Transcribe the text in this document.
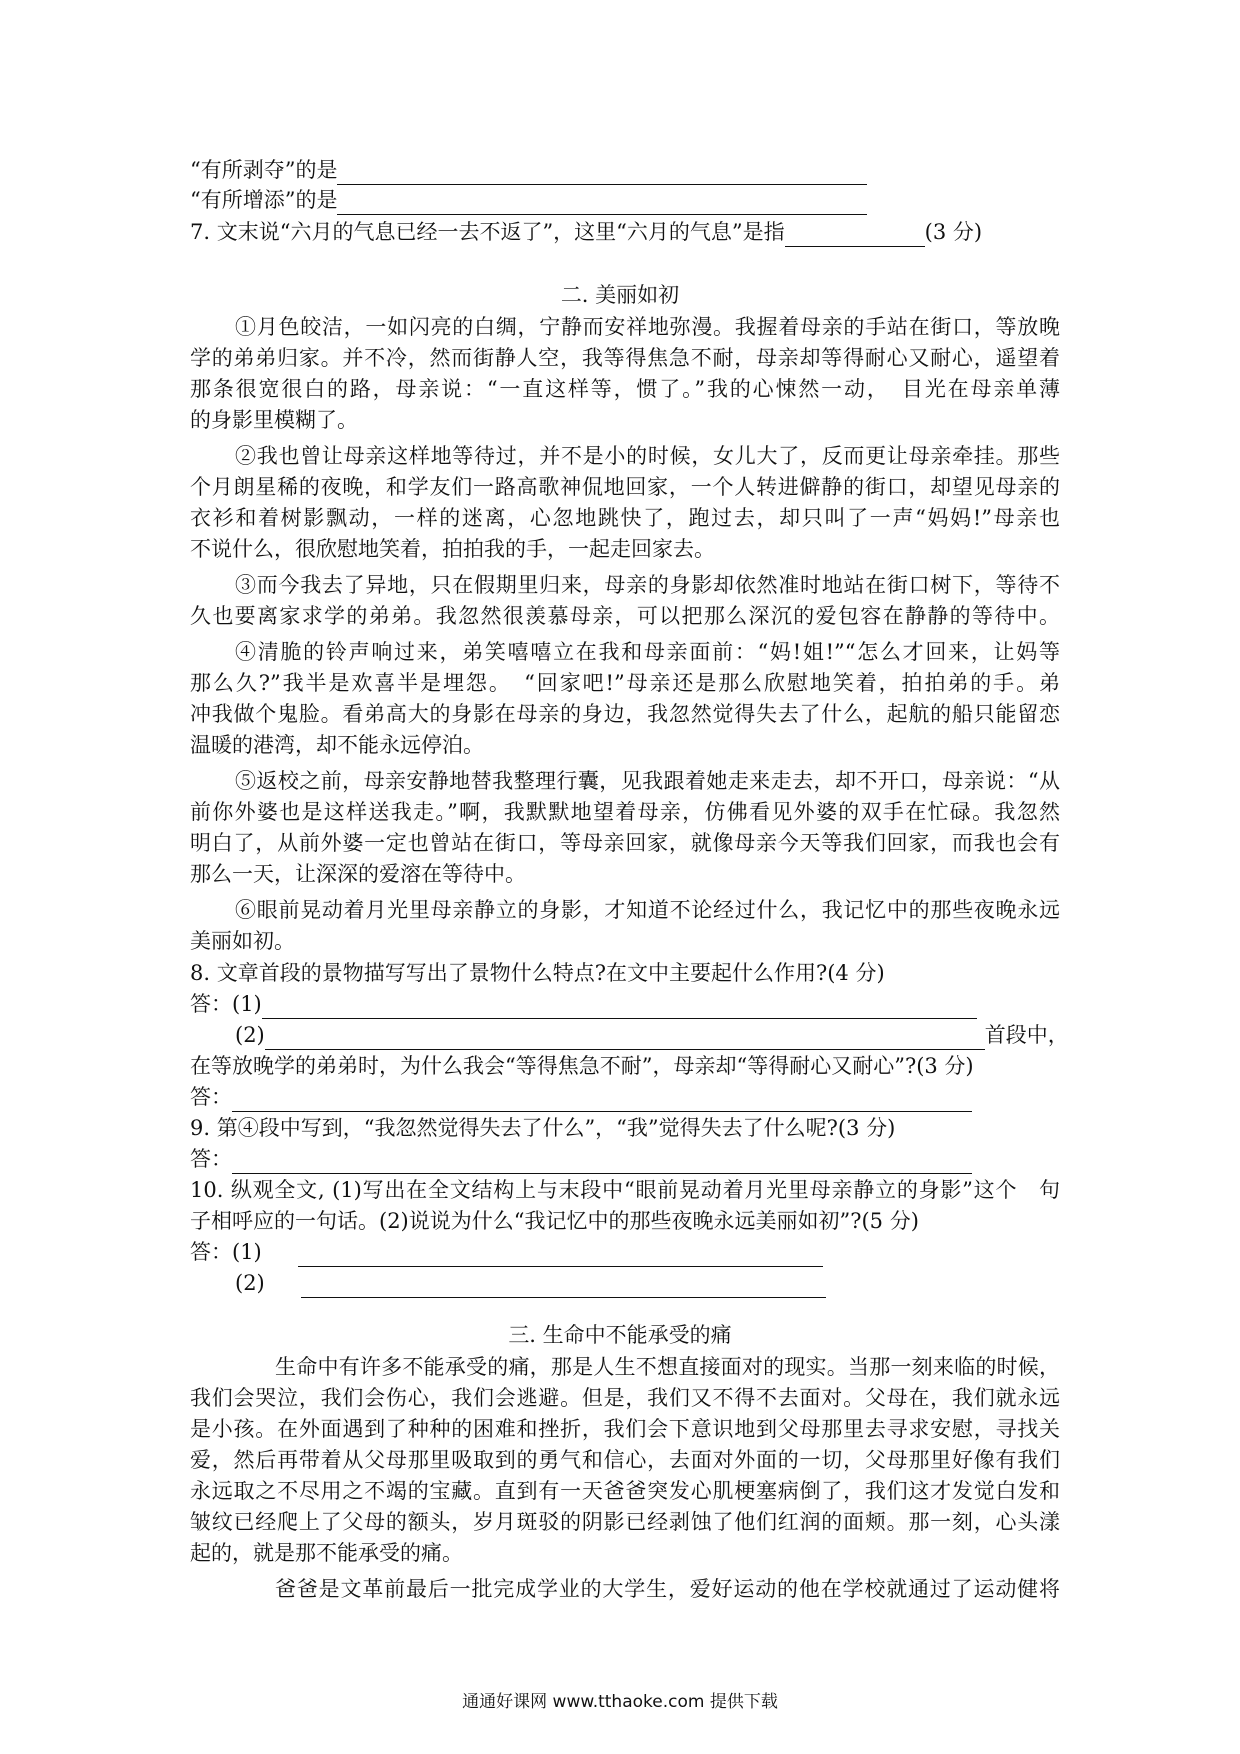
“有所剥夺”的是
“有所增添”的是
7. 文末说“六月的气息已经一去不返了”，这里“六月的气息”是指	(3 分)
二. 美丽如初
①月色皎洁，一如闪亮的白绸，宁静而安祥地弥漫。我握着母亲的手站在街口，等放晚
学的弟弟归家。并不冷，然而街静人空，我等得焦急不耐，母亲却等得耐心又耐心，遥望着
那条很宽很白的路，母亲说：“一直这样等，惯了。”我的心悚然一动，　目光在母亲单薄
的身影里模糊了。
②我也曾让母亲这样地等待过，并不是小的时候，女儿大了，反而更让母亲牵挂。那些
个月朗星稀的夜晚，和学友们一路高歌神侃地回家，一个人转进僻静的街口，却望见母亲的
衣衫和着树影飘动，一样的迷离，心忽地跳快了，跑过去，却只叫了一声“妈妈!”母亲也
不说什么，很欣慰地笑着，拍拍我的手，一起走回家去。
③而今我去了异地，只在假期里归来，母亲的身影却依然准时地站在街口树下，等待不
久也要离家求学的弟弟。我忽然很羡慕母亲，可以把那么深沉的爱包容在静静的等待中。
④清脆的铃声响过来，弟笑嘻嘻立在我和母亲面前：“妈!姐!”“怎么才回来，让妈等
那么久?”我半是欢喜半是埋怨。　“回家吧!”母亲还是那么欣慰地笑着，拍拍弟的手。弟
冲我做个鬼脸。看弟高大的身影在母亲的身边，我忽然觉得失去了什么，起航的船只能留恋
温暖的港湾，却不能永远停泊。
⑤返校之前，母亲安静地替我整理行囊，见我跟着她走来走去，却不开口，母亲说：“从
前你外婆也是这样送我走。”啊，我默默地望着母亲，仿佛看见外婆的双手在忙碌。我忽然
明白了，从前外婆一定也曾站在街口，等母亲回家，就像母亲今天等我们回家，而我也会有
那么一天，让深深的爱溶在等待中。
⑥眼前晃动着月光里母亲静立的身影，才知道不论经过什么，我记忆中的那些夜晚永远
美丽如初。
8. 文章首段的景物描写写出了景物什么特点?在文中主要起什么作用?(4 分)
答：(1)
(2)	首段中，
在等放晚学的弟弟时，为什么我会“等得焦急不耐”，母亲却“等得耐心又耐心”?(3 分)
答：
9. 第④段中写到，“我忽然觉得失去了什么”，“我”觉得失去了什么呢?(3 分)
答：
10. 纵观全文, (1)写出在全文结构上与末段中“眼前晃动着月光里母亲静立的身影”这个　句
子相呼应的一句话。(2)说说为什么“我记忆中的那些夜晚永远美丽如初”?(5 分)
答：(1)
(2)
三. 生命中不能承受的痛
生命中有许多不能承受的痛，那是人生不想直接面对的现实。当那一刻来临的时候，
我们会哭泣，我们会伤心，我们会逃避。但是，我们又不得不去面对。父母在，我们就永远
是小孩。在外面遇到了种种的困难和挫折，我们会下意识地到父母那里去寻求安慰，寻找关
爱，然后再带着从父母那里吸取到的勇气和信心，去面对外面的一切，父母那里好像有我们
永远取之不尽用之不竭的宝藏。直到有一天爸爸突发心肌梗塞病倒了，我们这才发觉白发和
皱纹已经爬上了父母的额头，岁月斑驳的阴影已经剥蚀了他们红润的面颊。那一刻，心头漾
起的，就是那不能承受的痛。
爸爸是文革前最后一批完成学业的大学生，爱好运动的他在学校就通过了运动健将
通通好课网 www.tthaoke.com 提供下载
